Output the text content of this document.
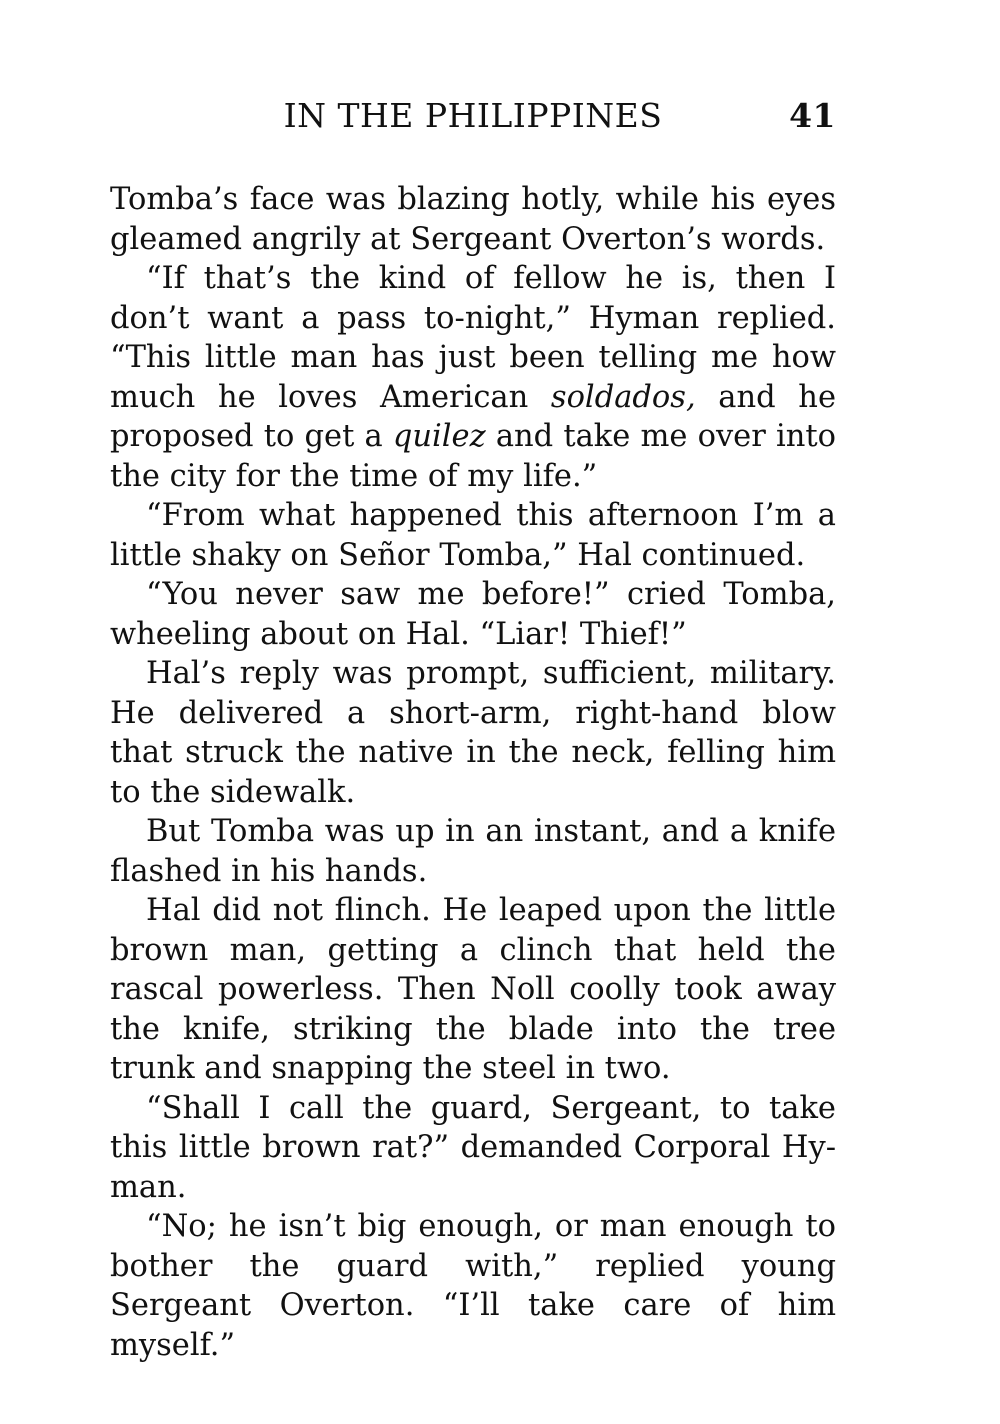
IN THE PHILIPPINES	41

Tomba’s face was blazing hotly, while his eyes gleamed angrily at Sergeant Overton’s words.

“If that’s the kind of fellow he is, then I don’t want a pass to-night,” Hyman replied. “This little man has just been telling me how much he loves American soldados, and he proposed to get a quilez and take me over into the city for the time of my life.”

“From what happened this afternoon I’m a little shaky on Señor Tomba,” Hal continued.

“You never saw me before!” cried Tomba, wheeling about on Hal. “Liar! Thief!”

Hal’s reply was prompt, sufficient, military. He delivered a short-arm, right-hand blow that struck the native in the neck, felling him to the sidewalk.

But Tomba was up in an instant, and a knife flashed in his hands.

Hal did not flinch. He leaped upon the little brown man, getting a clinch that held the rascal powerless. Then Noll coolly took away the knife, striking the blade into the tree trunk and snapping the steel in two.

“Shall I call the guard, Sergeant, to take this little brown rat?” demanded Corporal Hyman.

“No; he isn’t big enough, or man enough to bother the guard with,” replied young Sergeant Overton. “I’ll take care of him myself.”
